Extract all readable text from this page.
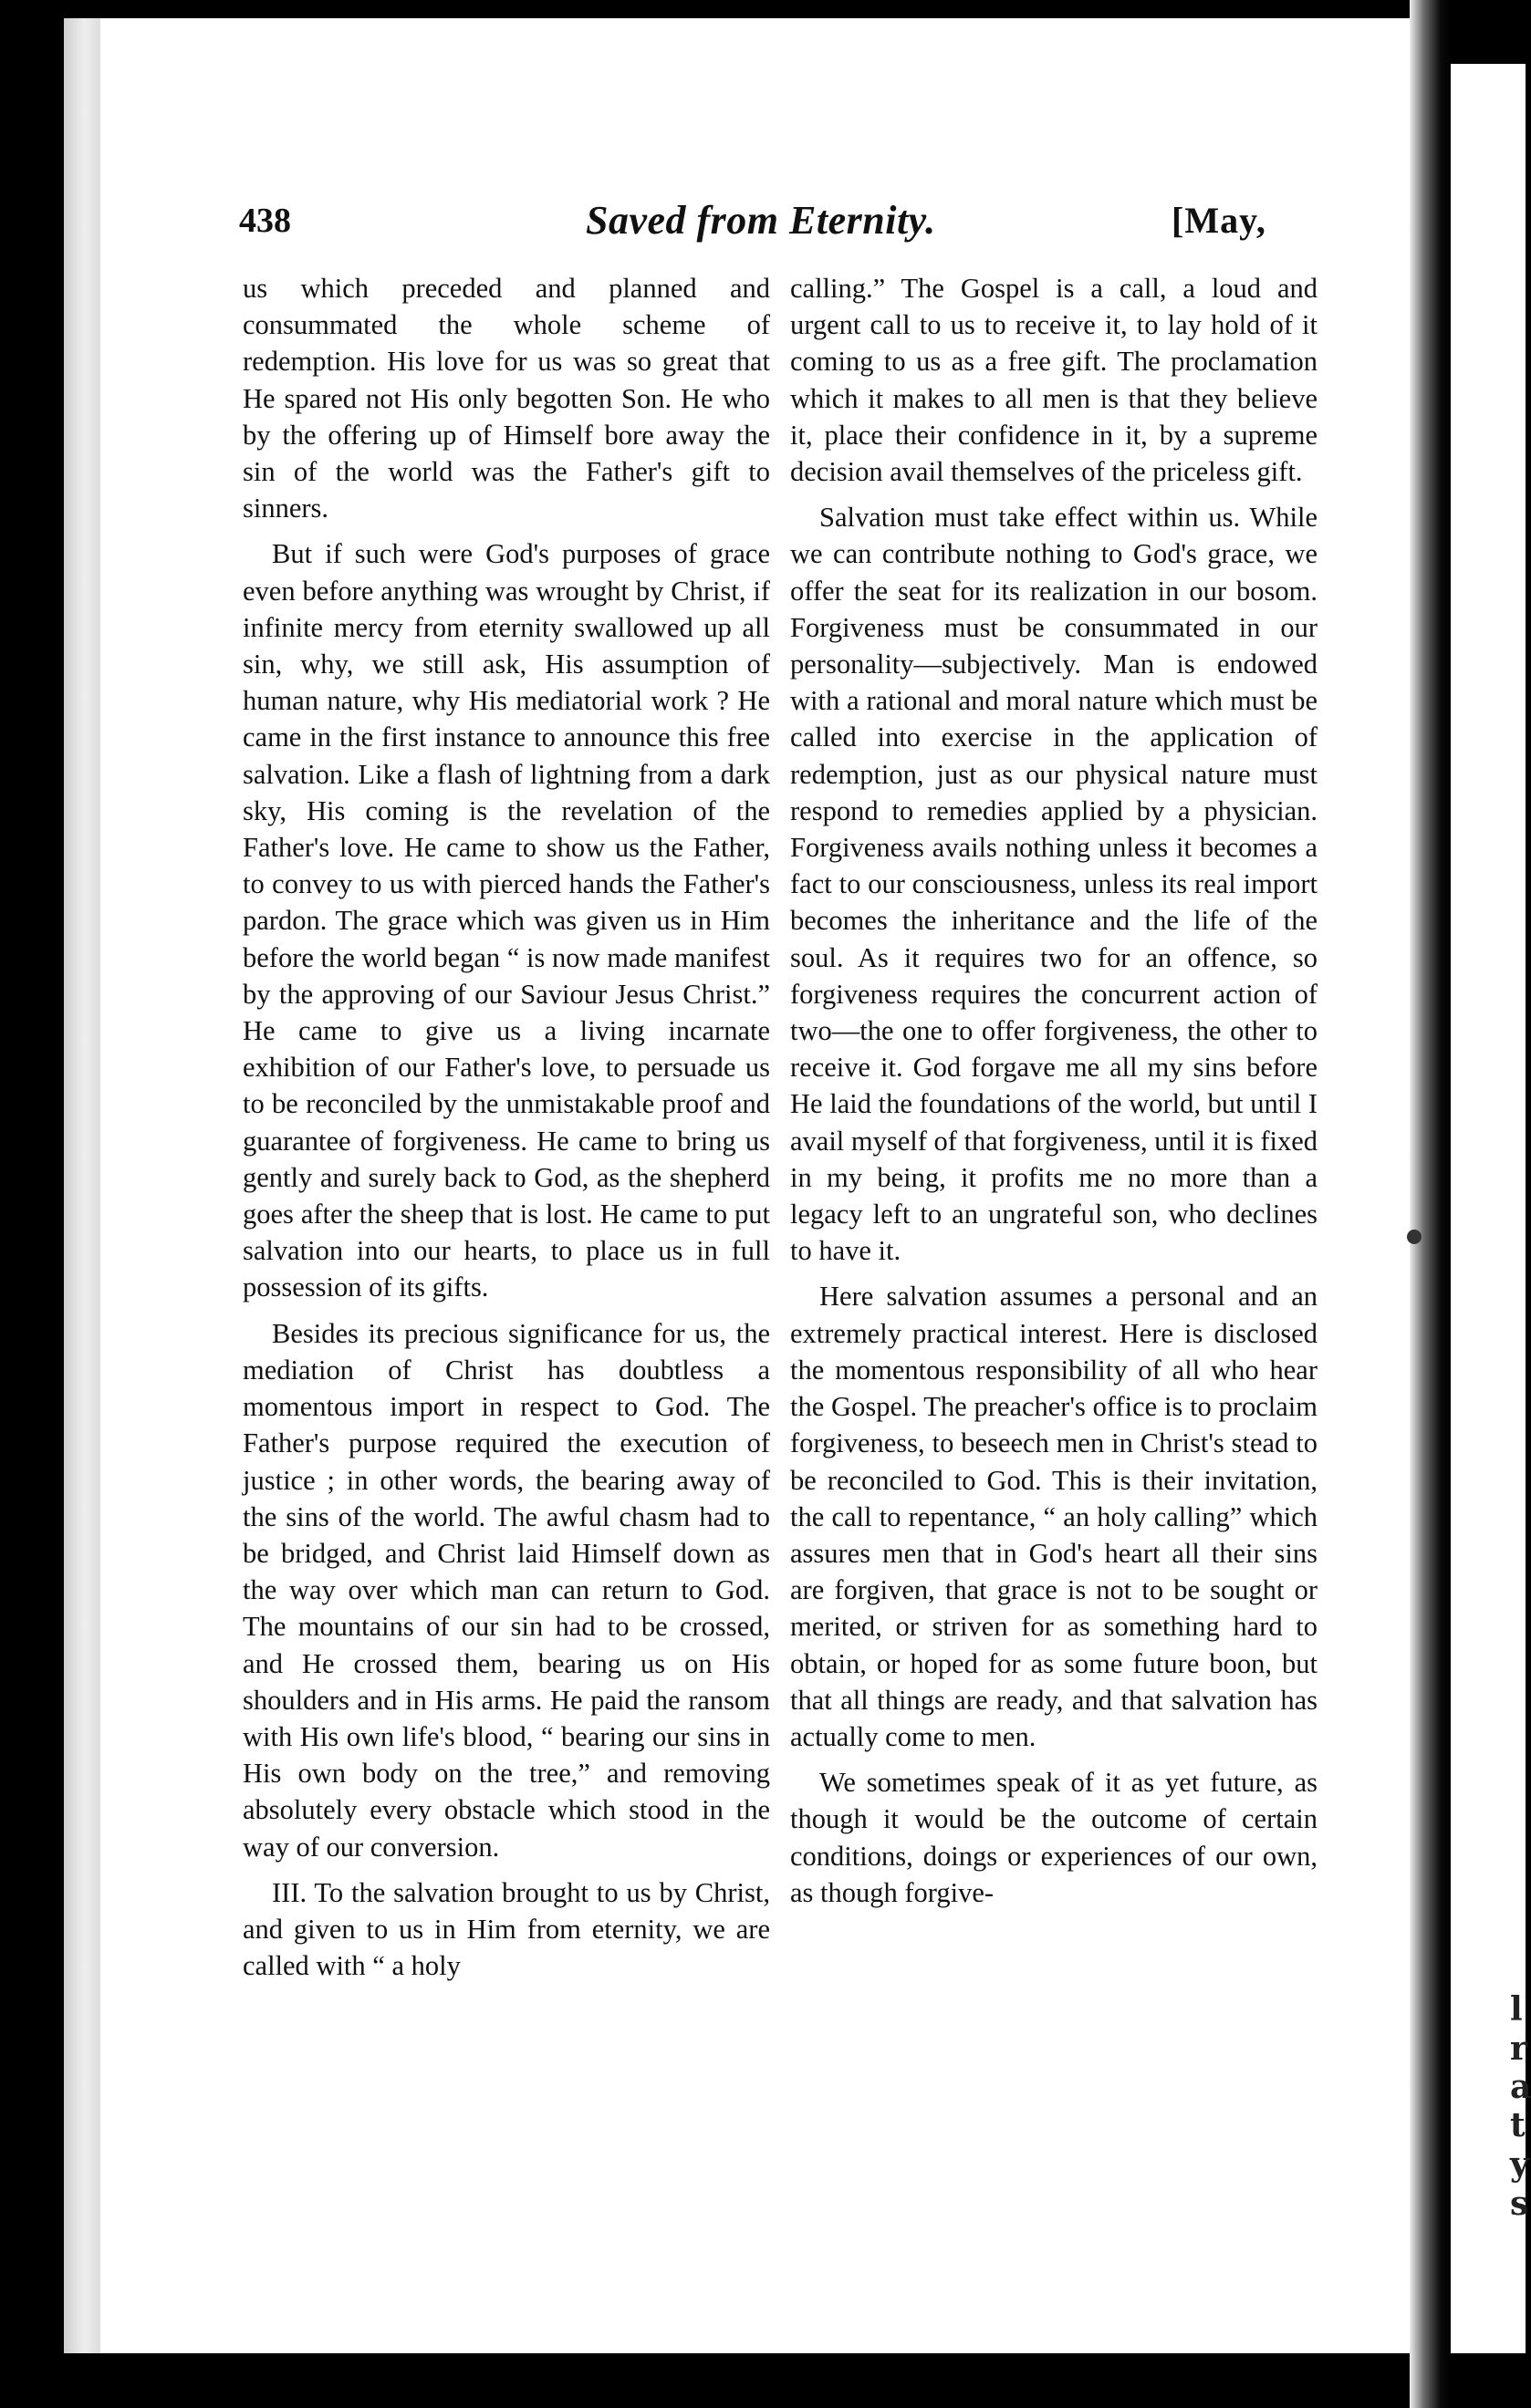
l
r
a
t
y
s
438	Saved from Eternity.	[May,

us which preceded and planned and consummated the whole scheme of redemption. His love for us was so great that He spared not His only begotten Son. He who by the offering up of Himself bore away the sin of the world was the Father's gift to sinners.

But if such were God's purposes of grace even before anything was wrought by Christ, if infinite mercy from eternity swallowed up all sin, why, we still ask, His assumption of human nature, why His mediatorial work ? He came in the first instance to announce this free salvation. Like a flash of lightning from a dark sky, His coming is the revelation of the Father's love. He came to show us the Father, to convey to us with pierced hands the Father's pardon. The grace which was given us in Him before the world began “ is now made manifest by the approving of our Saviour Jesus Christ.” He came to give us a living incarnate exhibition of our Father's love, to persuade us to be reconciled by the unmistakable proof and guarantee of forgiveness. He came to bring us gently and surely back to God, as the shepherd goes after the sheep that is lost. He came to put salvation into our hearts, to place us in full possession of its gifts.

Besides its precious significance for us, the mediation of Christ has doubtless a momentous import in respect to God. The Father's purpose required the execution of justice ; in other words, the bearing away of the sins of the world. The awful chasm had to be bridged, and Christ laid Himself down as the way over which man can return to God. The mountains of our sin had to be crossed, and He crossed them, bearing us on His shoulders and in His arms. He paid the ransom with His own life's blood, “ bearing our sins in His own body on the tree,” and removing absolutely every obstacle which stood in the way of our conversion.

III. To the salvation brought to us by Christ, and given to us in Him from eternity, we are called with “ a holy

calling.” The Gospel is a call, a loud and urgent call to us to receive it, to lay hold of it coming to us as a free gift. The proclamation which it makes to all men is that they believe it, place their confidence in it, by a supreme decision avail themselves of the priceless gift.

Salvation must take effect within us. While we can contribute nothing to God's grace, we offer the seat for its realization in our bosom. Forgiveness must be consummated in our personality—subjectively. Man is endowed with a rational and moral nature which must be called into exercise in the application of redemption, just as our physical nature must respond to remedies applied by a physician. Forgiveness avails nothing unless it becomes a fact to our consciousness, unless its real import becomes the inheritance and the life of the soul. As it requires two for an offence, so forgiveness requires the concurrent action of two—the one to offer forgiveness, the other to receive it. God forgave me all my sins before He laid the foundations of the world, but until I avail myself of that forgiveness, until it is fixed in my being, it profits me no more than a legacy left to an ungrateful son, who declines to have it.

Here salvation assumes a personal and an extremely practical interest. Here is disclosed the momentous responsibility of all who hear the Gospel. The preacher's office is to proclaim forgiveness, to beseech men in Christ's stead to be reconciled to God. This is their invitation, the call to repentance, “ an holy calling” which assures men that in God's heart all their sins are forgiven, that grace is not to be sought or merited, or striven for as something hard to obtain, or hoped for as some future boon, but that all things are ready, and that salvation has actually come to men.

We sometimes speak of it as yet future, as though it would be the outcome of certain conditions, doings or experiences of our own, as though forgive-
